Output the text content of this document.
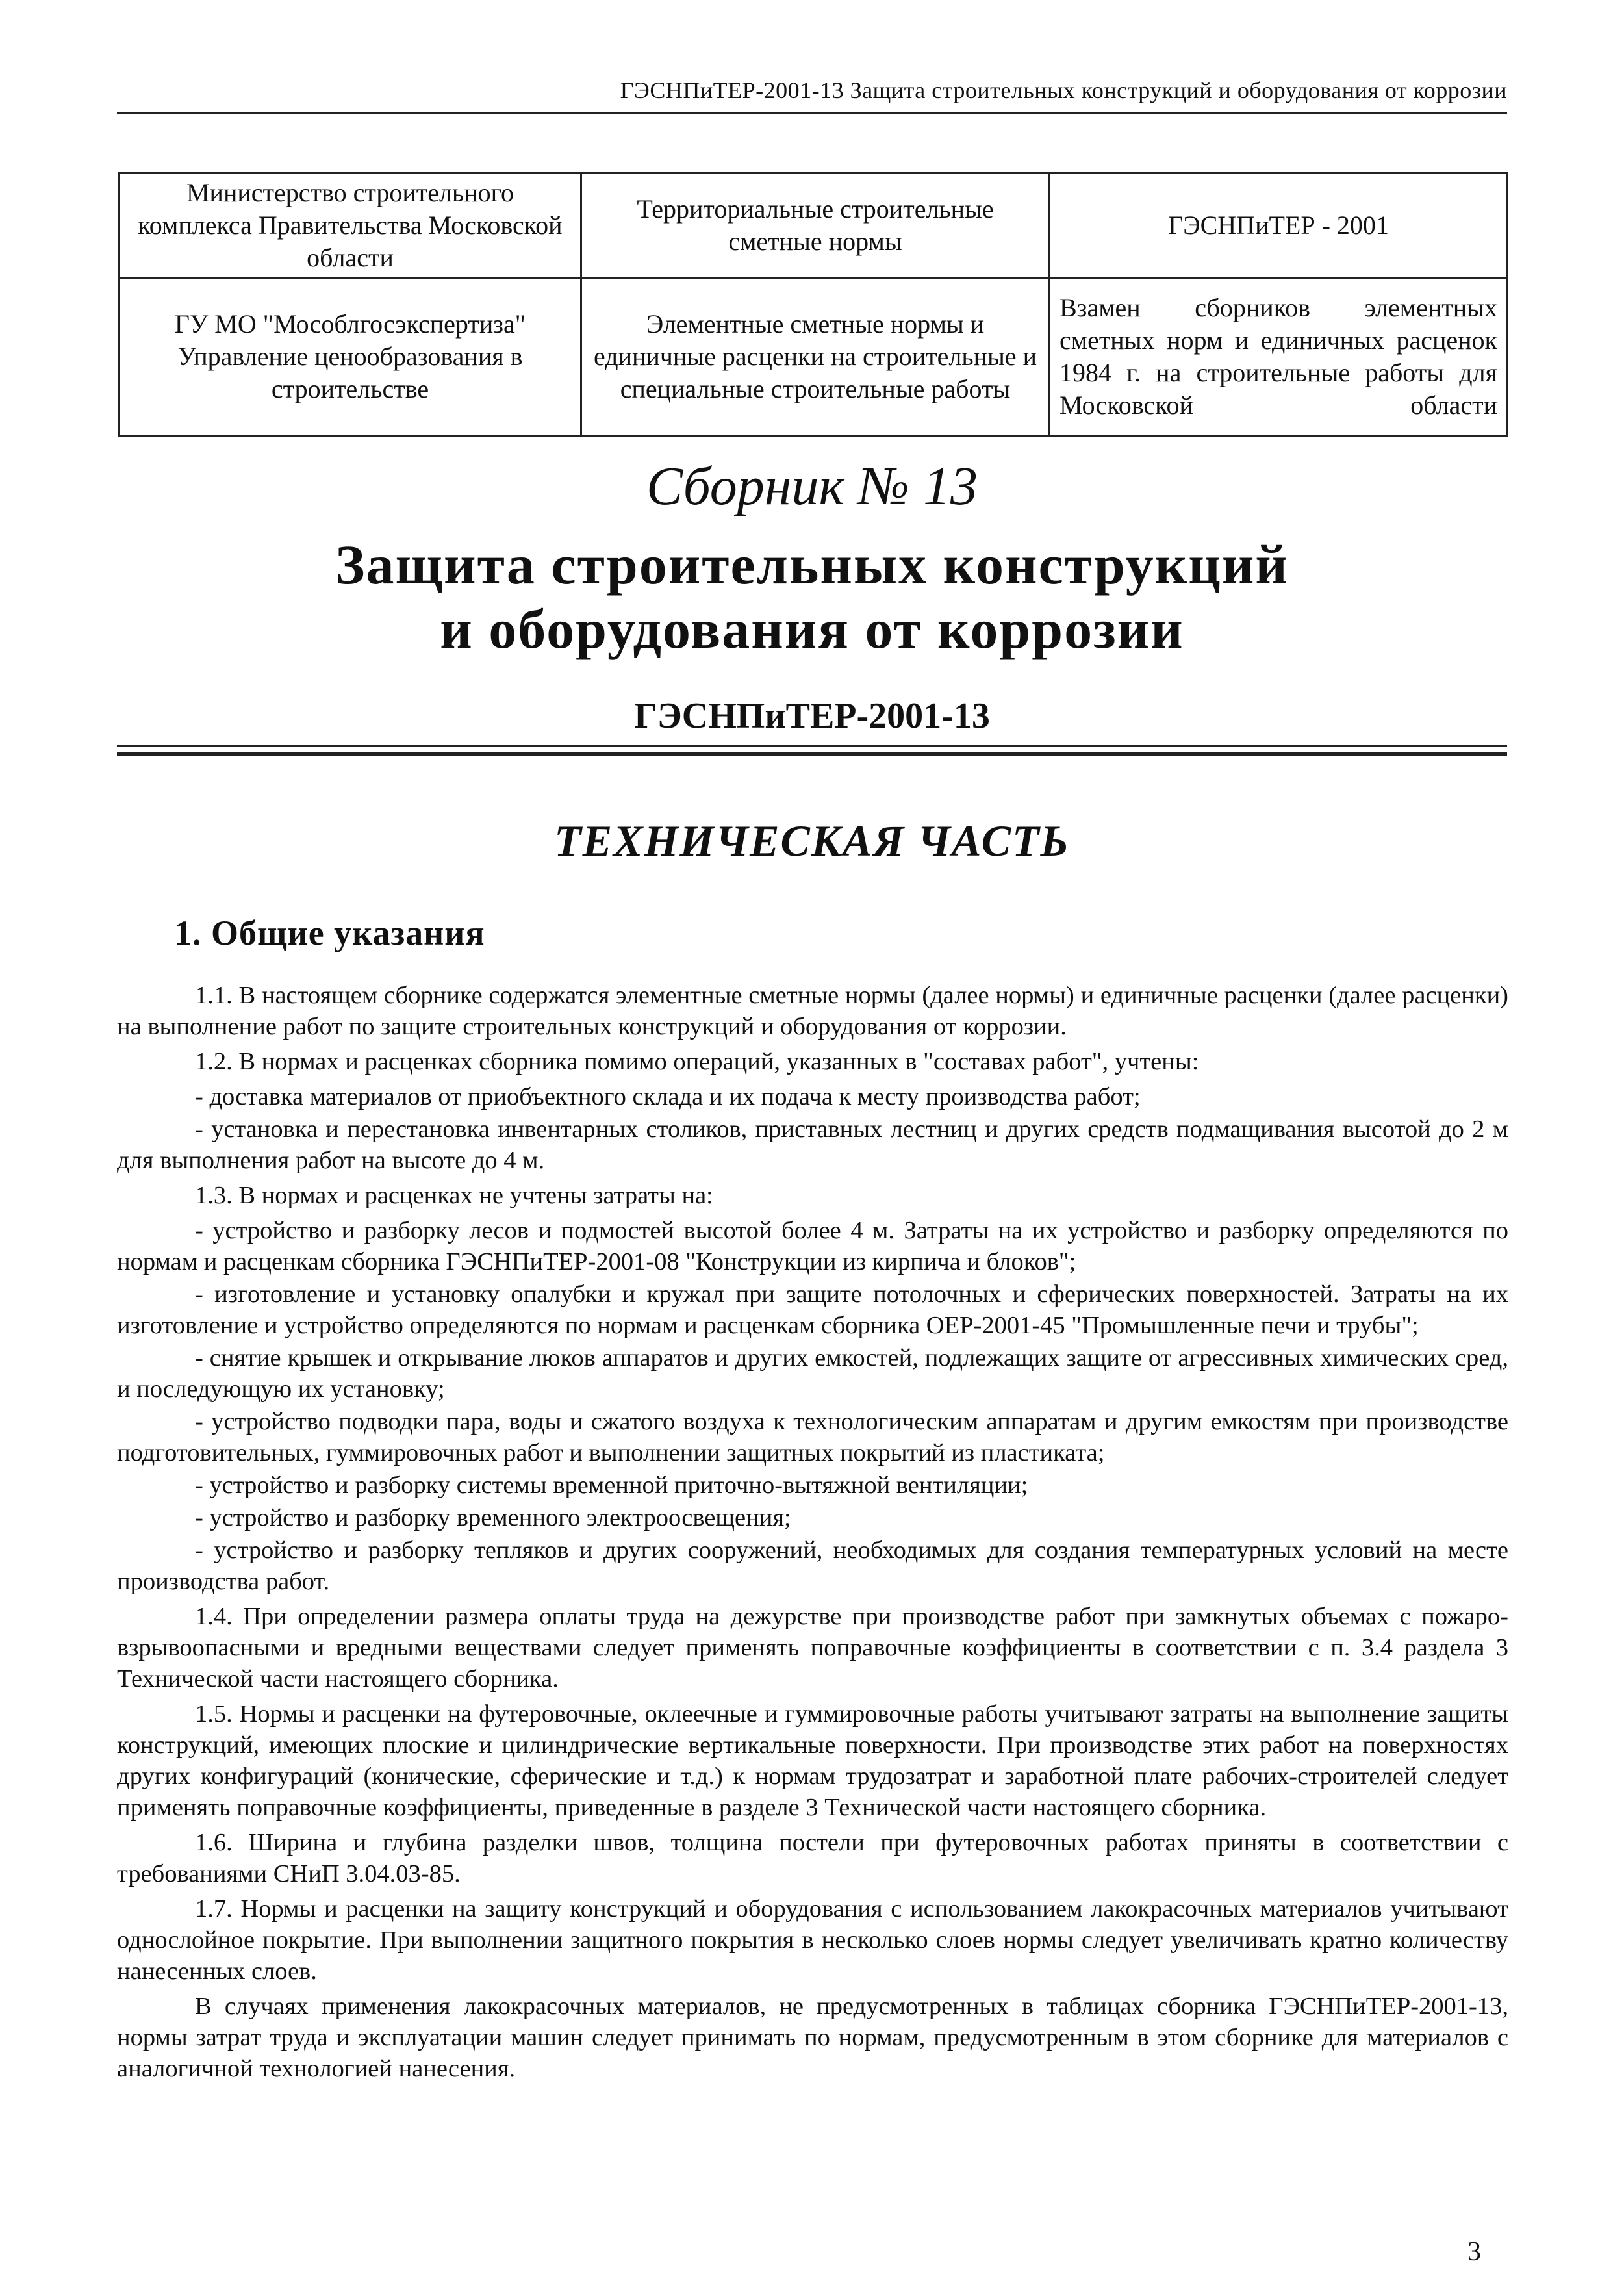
ГЭСНПиТЕР-2001-13 Защита строительных конструкций и оборудования от коррозии
Министерство строительного комплекса Правительства Московской области	Территориальные строительные сметные нормы	ГЭСНПиТЕР - 2001
ГУ МО "Мособлгосэкспертиза" Управление ценообразования в строительстве	Элементные сметные нормы и единичные расценки на строительные и специальные строительные работы	Взамен сборников элементных сметных норм и единичных расценок 1984 г. на строительные работы для Московской области
Сборник № 13
Защита строительных конструкций
и оборудования от коррозии
ГЭСНПиТЕР-2001-13
ТЕХНИЧЕСКАЯ ЧАСТЬ
1. Общие указания

1.1. В настоящем сборнике содержатся элементные сметные нормы (далее нормы) и единичные расценки (далее расценки) на выполнение работ по защите строительных конструкций и оборудования от коррозии.

1.2. В нормах и расценках сборника помимо операций, указанных в "составах работ", учтены:

- доставка материалов от приобъектного склада и их подача к месту производства работ;

- установка и перестановка инвентарных столиков, приставных лестниц и других средств подмащивания высотой до 2 м для выполнения работ на высоте до 4 м.

1.3. В нормах и расценках не учтены затраты на:

- устройство и разборку лесов и подмостей высотой более 4 м. Затраты на их устройство и разборку определяются по нормам и расценкам сборника ГЭСНПиТЕР-2001-08 "Конструкции из кирпича и блоков";

- изготовление и установку опалубки и кружал при защите потолочных и сферических поверхностей. Затраты на их изготовление и устройство определяются по нормам и расценкам сборника ОЕР-2001-45 "Промышленные печи и трубы";

- снятие крышек и открывание люков аппаратов и других емкостей, подлежащих защите от агрессивных химических сред, и последующую их установку;

- устройство подводки пара, воды и сжатого воздуха к технологическим аппаратам и другим емкостям при производстве подготовительных, гуммировочных работ и выполнении защитных покрытий из пластиката;

- устройство и разборку системы временной приточно-вытяжной вентиляции;

- устройство и разборку временного электроосвещения;

- устройство и разборку тепляков и других сооружений, необходимых для создания температурных условий на месте производства работ.

1.4. При определении размера оплаты труда на дежурстве при производстве работ при замкнутых объемах с пожаро-взрывоопасными и вредными веществами следует применять поправочные коэффициенты в соответствии с п. 3.4 раздела 3 Технической части настоящего сборника.

1.5. Нормы и расценки на футеровочные, оклеечные и гуммировочные работы учитывают затраты на выполнение защиты конструкций, имеющих плоские и цилиндрические вертикальные поверхности. При производстве этих работ на поверхностях других конфигураций (конические, сферические и т.д.) к нормам трудозатрат и заработной плате рабочих-строителей следует применять поправочные коэффициенты, приведенные в разделе 3 Технической части настоящего сборника.

1.6. Ширина и глубина разделки швов, толщина постели при футеровочных работах приняты в соответствии с требованиями СНиП 3.04.03-85.

1.7. Нормы и расценки на защиту конструкций и оборудования с использованием лакокрасочных материалов учитывают однослойное покрытие. При выполнении защитного покрытия в несколько слоев нормы следует увеличивать кратно количеству нанесенных слоев.

В случаях применения лакокрасочных материалов, не предусмотренных в таблицах сборника ГЭСНПиТЕР-2001-13, нормы затрат труда и эксплуатации машин следует принимать по нормам, предусмотренным в этом сборнике для материалов с аналогичной технологией нанесения.

3
